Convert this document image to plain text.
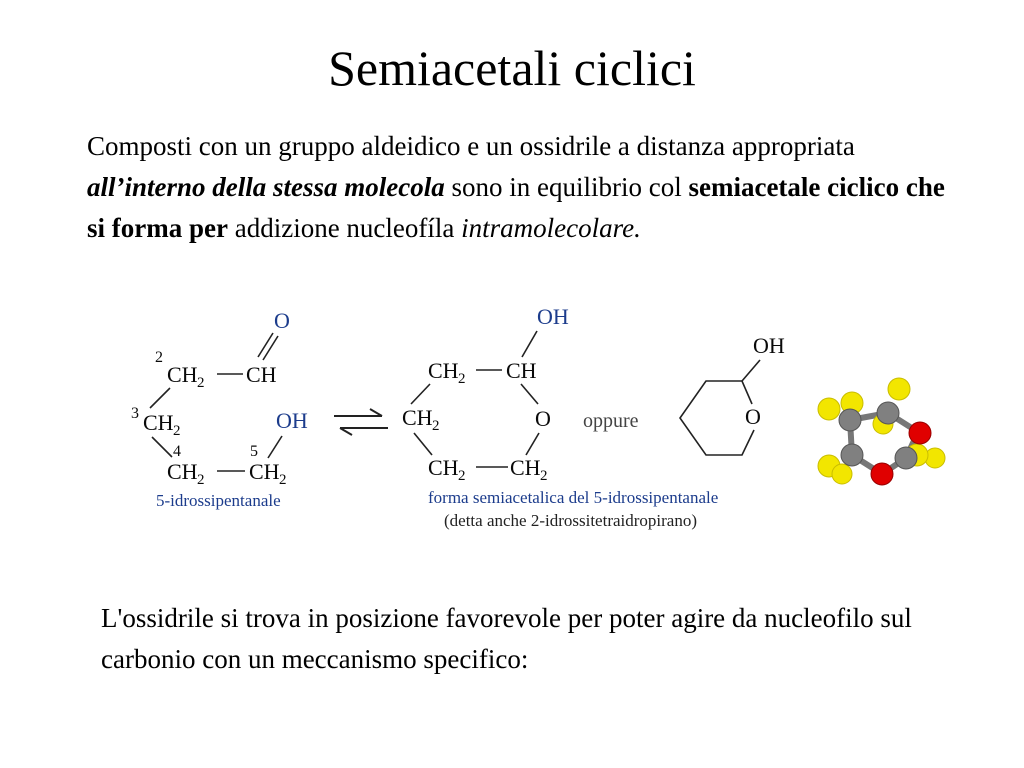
Semiacetali ciclici
Composti con un gruppo aldeidico e un ossidrile a distanza appropriata all’interno della stessa molecola sono in equilibrio col semiacetale ciclico che si forma per addizione nucleofíla intramolecolare.
2
CH 2 CH
O
3 CH 2
4
CH 2
5
CH 2
OH
5-idrossipentanale
OH
CH 2 CH
CH 2	O
CH 2 CH 2
forma semiacetalica del 5-idrossipentanale
(detta anche 2-idrossitetraidropirano)
oppure
OH
O
L'ossidrile si trova in posizione favorevole per poter agire da nucleofilo sul carbonio con un meccanismo specifico:
